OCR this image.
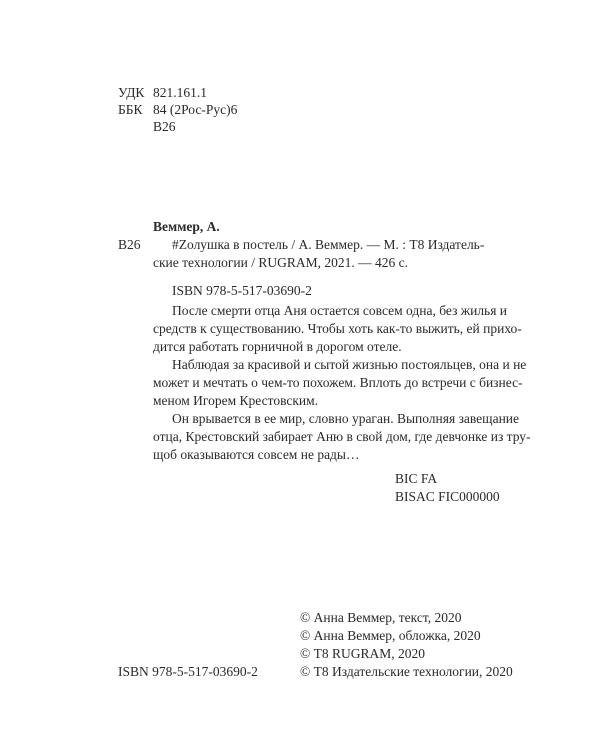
УДК 821.161.1
ББК 84 (2Рос-Рус)6
В26
Веммер, А.
В26	#Zолушка в постель / А. Веммер. — М. : Т8 Издатель-
ские технологии / RUGRAM, 2021. — 426 с.
ISBN 978-5-517-03690-2
После смерти отца Аня остается совсем одна, без жилья и
средств к существованию. Чтобы хоть как-то выжить, ей прихо-
дится работать горничной в дорогом отеле.
Наблюдая за красивой и сытой жизнью постояльцев, она и не
может и мечтать о чем-то похожем. Вплоть до встречи с бизнес-
меном Игорем Крестовским.
Он врывается в ее мир, словно ураган. Выполняя завещание
отца, Крестовский забирает Аню в свой дом, где девчонке из тру-
щоб оказываются совсем не рады…
BIC FA
BISAC FIC000000
ISBN 978-5-517-03690-2
© Анна Веммер, текст, 2020
© Анна Веммер, обложка, 2020
© Т8 RUGRAM, 2020
© Т8 Издательские технологии, 2020
